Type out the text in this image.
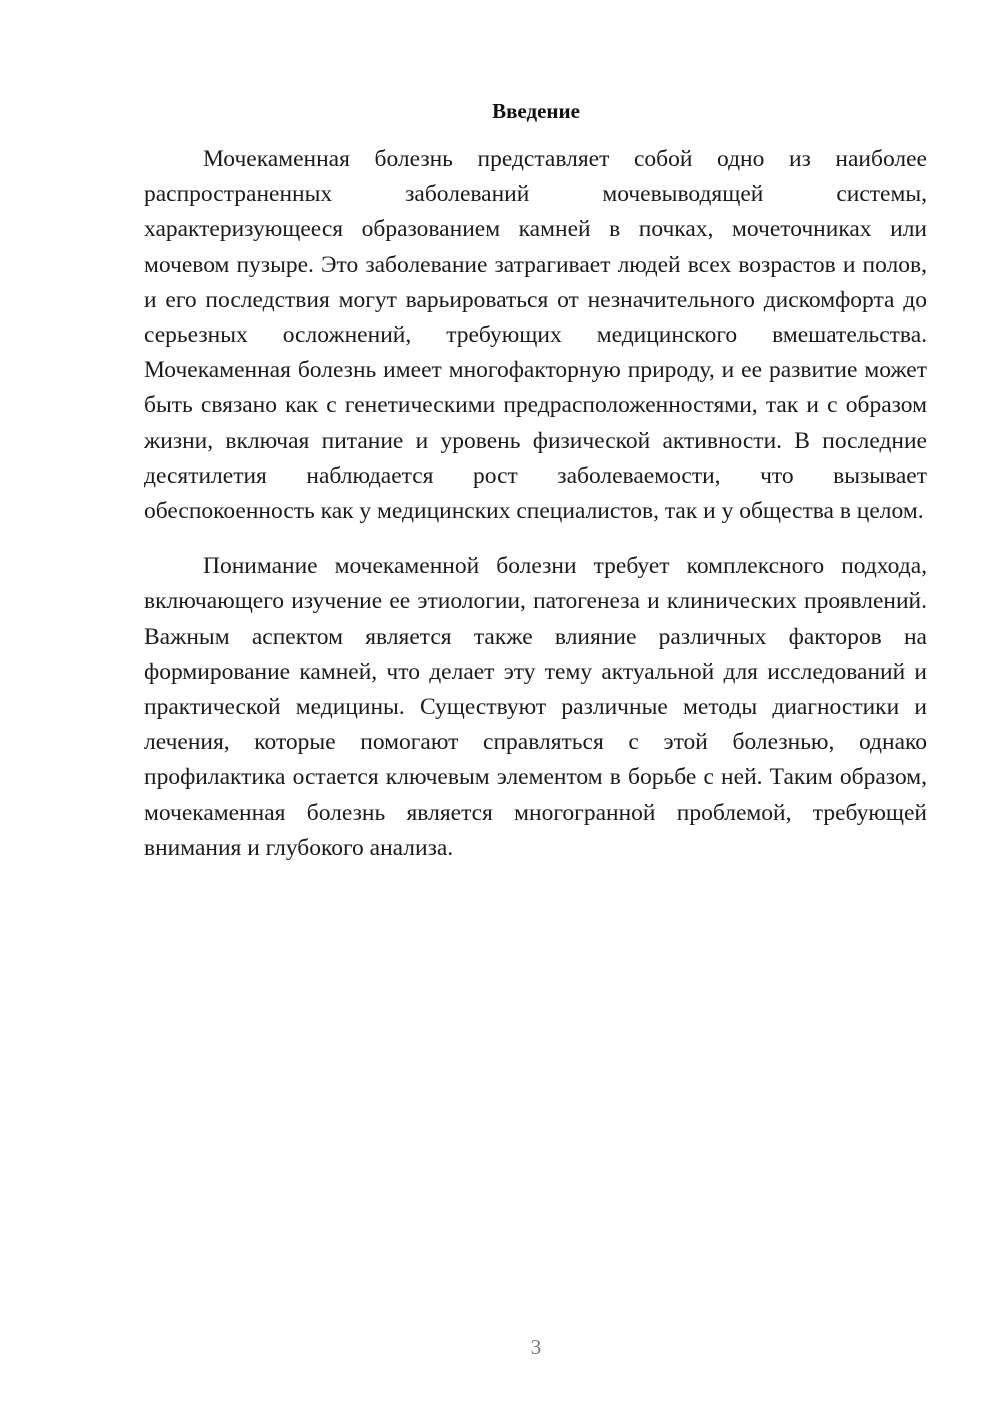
Введение

Мочекаменная болезнь представляет собой одно из наиболее распространенных заболеваний мочевыводящей системы, характеризующееся образованием камней в почках, мочеточниках или мочевом пузыре. Это заболевание затрагивает людей всех возрастов и полов, и его последствия могут варьироваться от незначительного дискомфорта до серьезных осложнений, требующих медицинского вмешательства. Мочекаменная болезнь имеет многофакторную природу, и ее развитие может быть связано как с генетическими предрасположенностями, так и с образом жизни, включая питание и уровень физической активности. В последние десятилетия наблюдается рост заболеваемости, что вызывает обеспокоенность как у медицинских специалистов, так и у общества в целом.

Понимание мочекаменной болезни требует комплексного подхода, включающего изучение ее этиологии, патогенеза и клинических проявлений. Важным аспектом является также влияние различных факторов на формирование камней, что делает эту тему актуальной для исследований и практической медицины. Существуют различные методы диагностики и лечения, которые помогают справляться с этой болезнью, однако профилактика остается ключевым элементом в борьбе с ней. Таким образом, мочекаменная болезнь является многогранной проблемой, требующей внимания и глубокого анализа.

3
